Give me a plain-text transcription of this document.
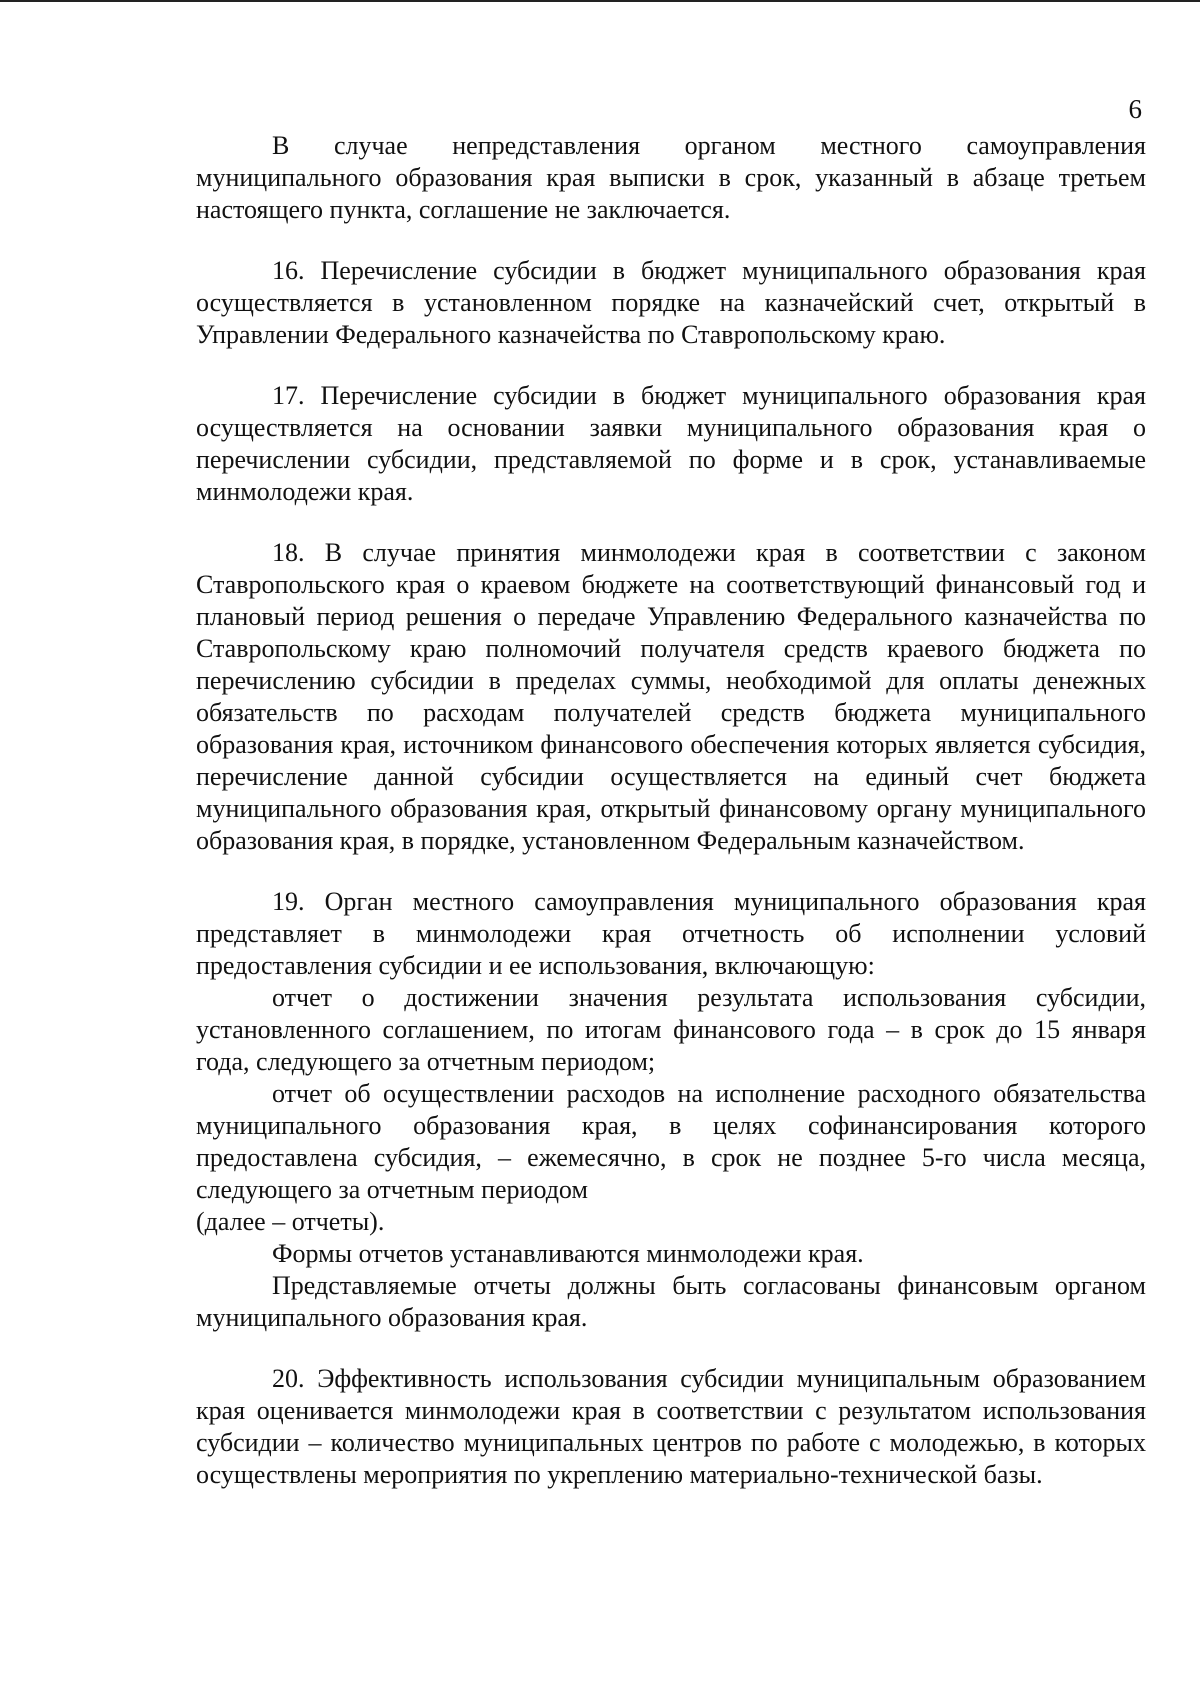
6

В случае непредставления органом местного самоуправления муниципального образования края выписки в срок, указанный в абзаце третьем настоящего пункта, соглашение не заключается.

16. Перечисление субсидии в бюджет муниципального образования края осуществляется в установленном порядке на казначейский счет, открытый в Управлении Федерального казначейства по Ставропольскому краю.

17. Перечисление субсидии в бюджет муниципального образования края осуществляется на основании заявки муниципального образования края о перечислении субсидии, представляемой по форме и в срок, устанавливаемые минмолодежи края.

18. В случае принятия минмолодежи края в соответствии с законом Ставропольского края о краевом бюджете на соответствующий финансовый год и плановый период решения о передаче Управлению Федерального казначейства по Ставропольскому краю полномочий получателя средств краевого бюджета по перечислению субсидии в пределах суммы, необходимой для оплаты денежных обязательств по расходам получателей средств бюджета муниципального образования края, источником финансового обеспечения которых является субсидия, перечисление данной субсидии осуществляется на единый счет бюджета муниципального образования края, открытый финансовому органу муниципального образования края, в порядке, установленном Федеральным казначейством.

19. Орган местного самоуправления муниципального образования края представляет в минмолодежи края отчетность об исполнении условий предоставления субсидии и ее использования, включающую:

отчет о достижении значения результата использования субсидии, установленного соглашением, по итогам финансового года – в срок до 15 января года, следующего за отчетным периодом;

отчет об осуществлении расходов на исполнение расходного обязательства муниципального образования края, в целях софинансирования которого предоставлена субсидия, – ежемесячно, в срок не позднее 5-го числа месяца, следующего за отчетным периодом

(далее – отчеты).

Формы отчетов устанавливаются минмолодежи края.

Представляемые отчеты должны быть согласованы финансовым органом муниципального образования края.

20. Эффективность использования субсидии муниципальным образованием края оценивается минмолодежи края в соответствии с результатом использования субсидии – количество муниципальных центров по работе с молодежью, в которых осуществлены мероприятия по укреплению материально-технической базы.
